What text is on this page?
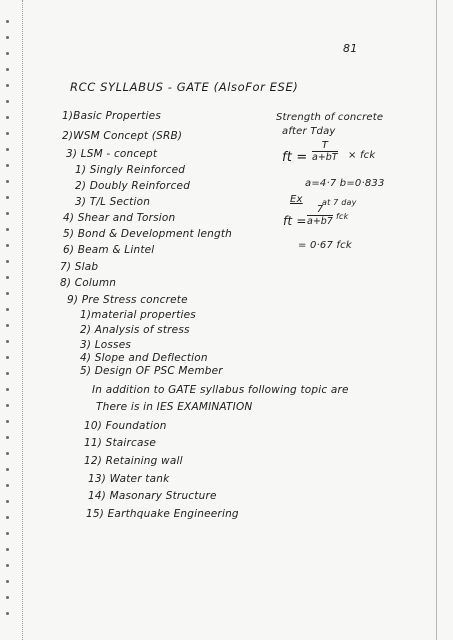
81
RCC SYLLABUS - GATE (AlsoFor ESE)
1)Basic Properties
2)WSM Concept (SRB)
3) LSM - concept
1) Singly Reinforced
2) Doubly Reinforced
3) T/L Section
4) Shear and Torsion
5) Bond & Development length
6) Beam & Lintel
7) Slab
8) Column
9) Pre Stress concrete
1)material properties
2) Analysis of stress
3) Losses
4) Slope and Deflection
5) Design OF PSC Member
In addition to GATE syllabus following topic are
There is in IES EXAMINATION
10) Foundation
11) Staircase
12) Retaining wall
13) Water tank
14) Masonary Structure
15) Earthquake Engineering
Strength of concrete
after Tday
ft = $\frac{T}{a+bT}$ × fck
a=4·7 b=0·833
Ex at 7 day
ft = $\frac{7}{a+b7}$ fck
= 0·67 fck
